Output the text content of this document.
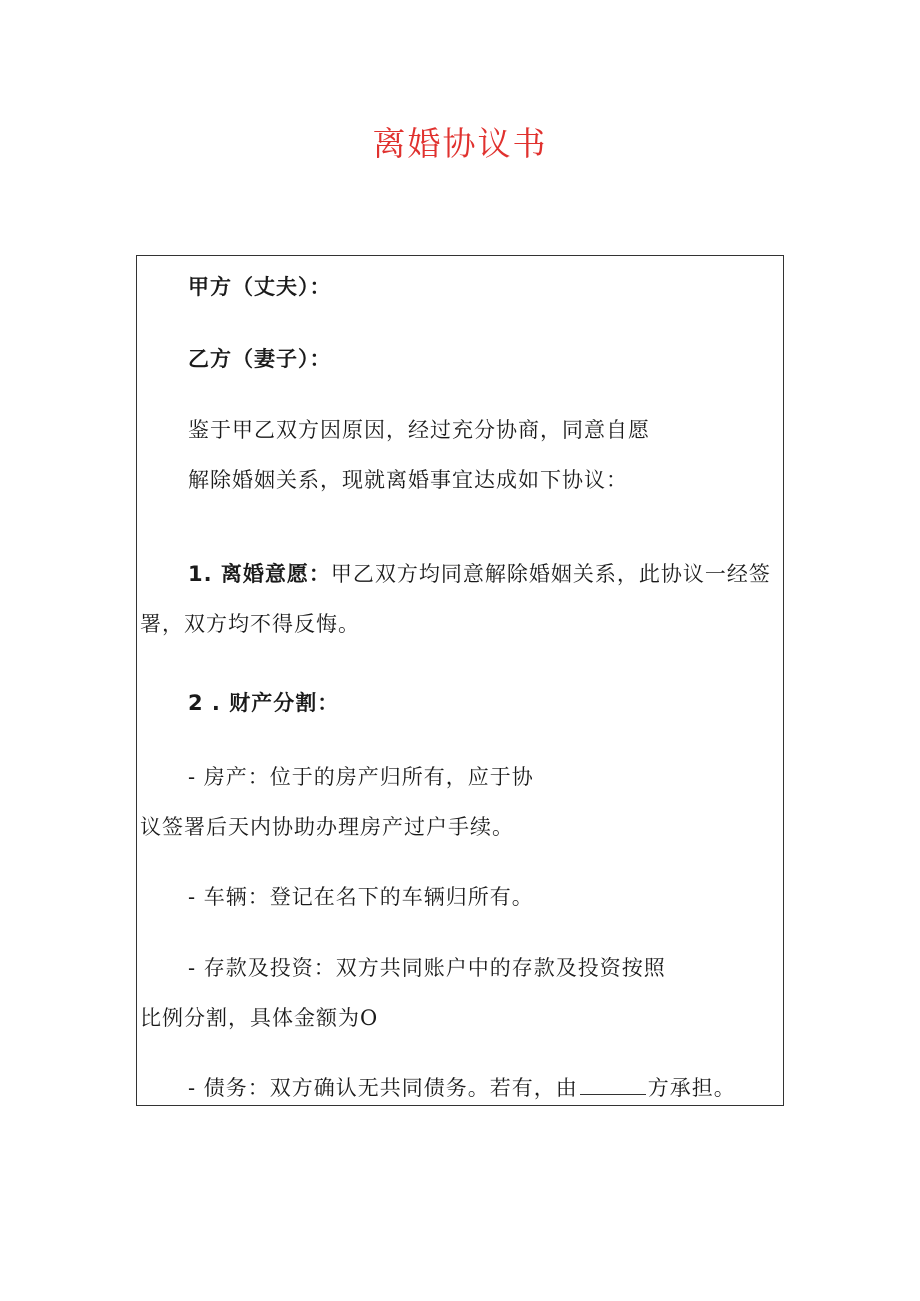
离婚协议书
甲方（丈夫）：
乙方（妻子）：
鉴于甲乙双方因原因，经过充分协商，同意自愿
解除婚姻关系，现就离婚事宜达成如下协议：
1. 离婚意愿：甲乙双方均同意解除婚姻关系，此协议一经签
署，双方均不得反悔。
2 . 财产分割：
- 房产：位于的房产归所有，应于协
议签署后天内协助办理房产过户手续。
- 车辆：登记在名下的车辆归所有。
- 存款及投资：双方共同账户中的存款及投资按照
比例分割，具体金额为O
- 债务：双方确认无共同债务。若有，由	方承担。
